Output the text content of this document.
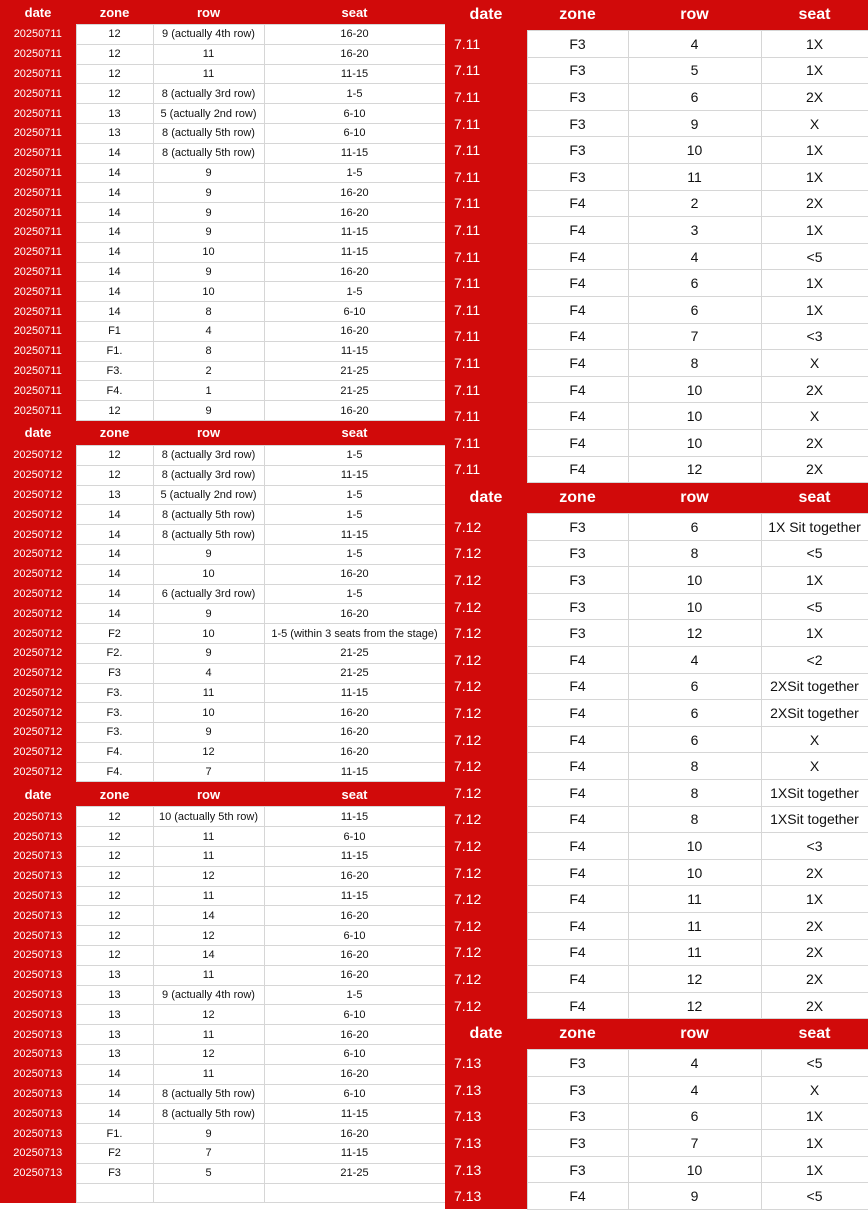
date	zone	row	seat
20250711	12	9 (actually 4th row)	16-20
20250711	12	11	16-20
20250711	12	11	11-15
20250711	12	8 (actually 3rd row)	1-5
20250711	13	5 (actually 2nd row)	6-10
20250711	13	8 (actually 5th row)	6-10
20250711	14	8 (actually 5th row)	11-15
20250711	14	9	1-5
20250711	14	9	16-20
20250711	14	9	16-20
20250711	14	9	11-15
20250711	14	10	11-15
20250711	14	9	16-20
20250711	14	10	1-5
20250711	14	8	6-10
20250711	F1	4	16-20
20250711	F1.	8	11-15
20250711	F3.	2	21-25
20250711	F4.	1	21-25
20250711	12	9	16-20
date	zone	row	seat
20250712	12	8 (actually 3rd row)	1-5
20250712	12	8 (actually 3rd row)	11-15
20250712	13	5 (actually 2nd row)	1-5
20250712	14	8 (actually 5th row)	1-5
20250712	14	8 (actually 5th row)	11-15
20250712	14	9	1-5
20250712	14	10	16-20
20250712	14	6 (actually 3rd row)	1-5
20250712	14	9	16-20
20250712	F2	10	1-5 (within 3 seats from the stage)
20250712	F2.	9	21-25
20250712	F3	4	21-25
20250712	F3.	11	11-15
20250712	F3.	10	16-20
20250712	F3.	9	16-20
20250712	F4.	12	16-20
20250712	F4.	7	11-15
date	zone	row	seat
20250713	12	10 (actually 5th row)	11-15
20250713	12	11	6-10
20250713	12	11	11-15
20250713	12	12	16-20
20250713	12	11	11-15
20250713	12	14	16-20
20250713	12	12	6-10
20250713	12	14	16-20
20250713	13	11	16-20
20250713	13	9 (actually 4th row)	1-5
20250713	13	12	6-10
20250713	13	11	16-20
20250713	13	12	6-10
20250713	14	11	16-20
20250713	14	8 (actually 5th row)	6-10
20250713	14	8 (actually 5th row)	11-15
20250713	F1.	9	16-20
20250713	F2	7	11-15
20250713	F3	5	21-25

date	zone	row	seat
7.11	F3	4	1X
7.11	F3	5	1X
7.11	F3	6	2X
7.11	F3	9	X
7.11	F3	10	1X
7.11	F3	11	1X
7.11	F4	2	2X
7.11	F4	3	1X
7.11	F4	4	<5
7.11	F4	6	1X
7.11	F4	6	1X
7.11	F4	7	<3
7.11	F4	8	X
7.11	F4	10	2X
7.11	F4	10	X
7.11	F4	10	2X
7.11	F4	12	2X
date	zone	row	seat
7.12	F3	6	1X Sit together
7.12	F3	8	<5
7.12	F3	10	1X
7.12	F3	10	<5
7.12	F3	12	1X
7.12	F4	4	<2
7.12	F4	6	2XSit together
7.12	F4	6	2XSit together
7.12	F4	6	X
7.12	F4	8	X
7.12	F4	8	1XSit together
7.12	F4	8	1XSit together
7.12	F4	10	<3
7.12	F4	10	2X
7.12	F4	11	1X
7.12	F4	11	2X
7.12	F4	11	2X
7.12	F4	12	2X
7.12	F4	12	2X
date	zone	row	seat
7.13	F3	4	<5
7.13	F3	4	X
7.13	F3	6	1X
7.13	F3	7	1X
7.13	F3	10	1X
7.13	F4	9	<5
